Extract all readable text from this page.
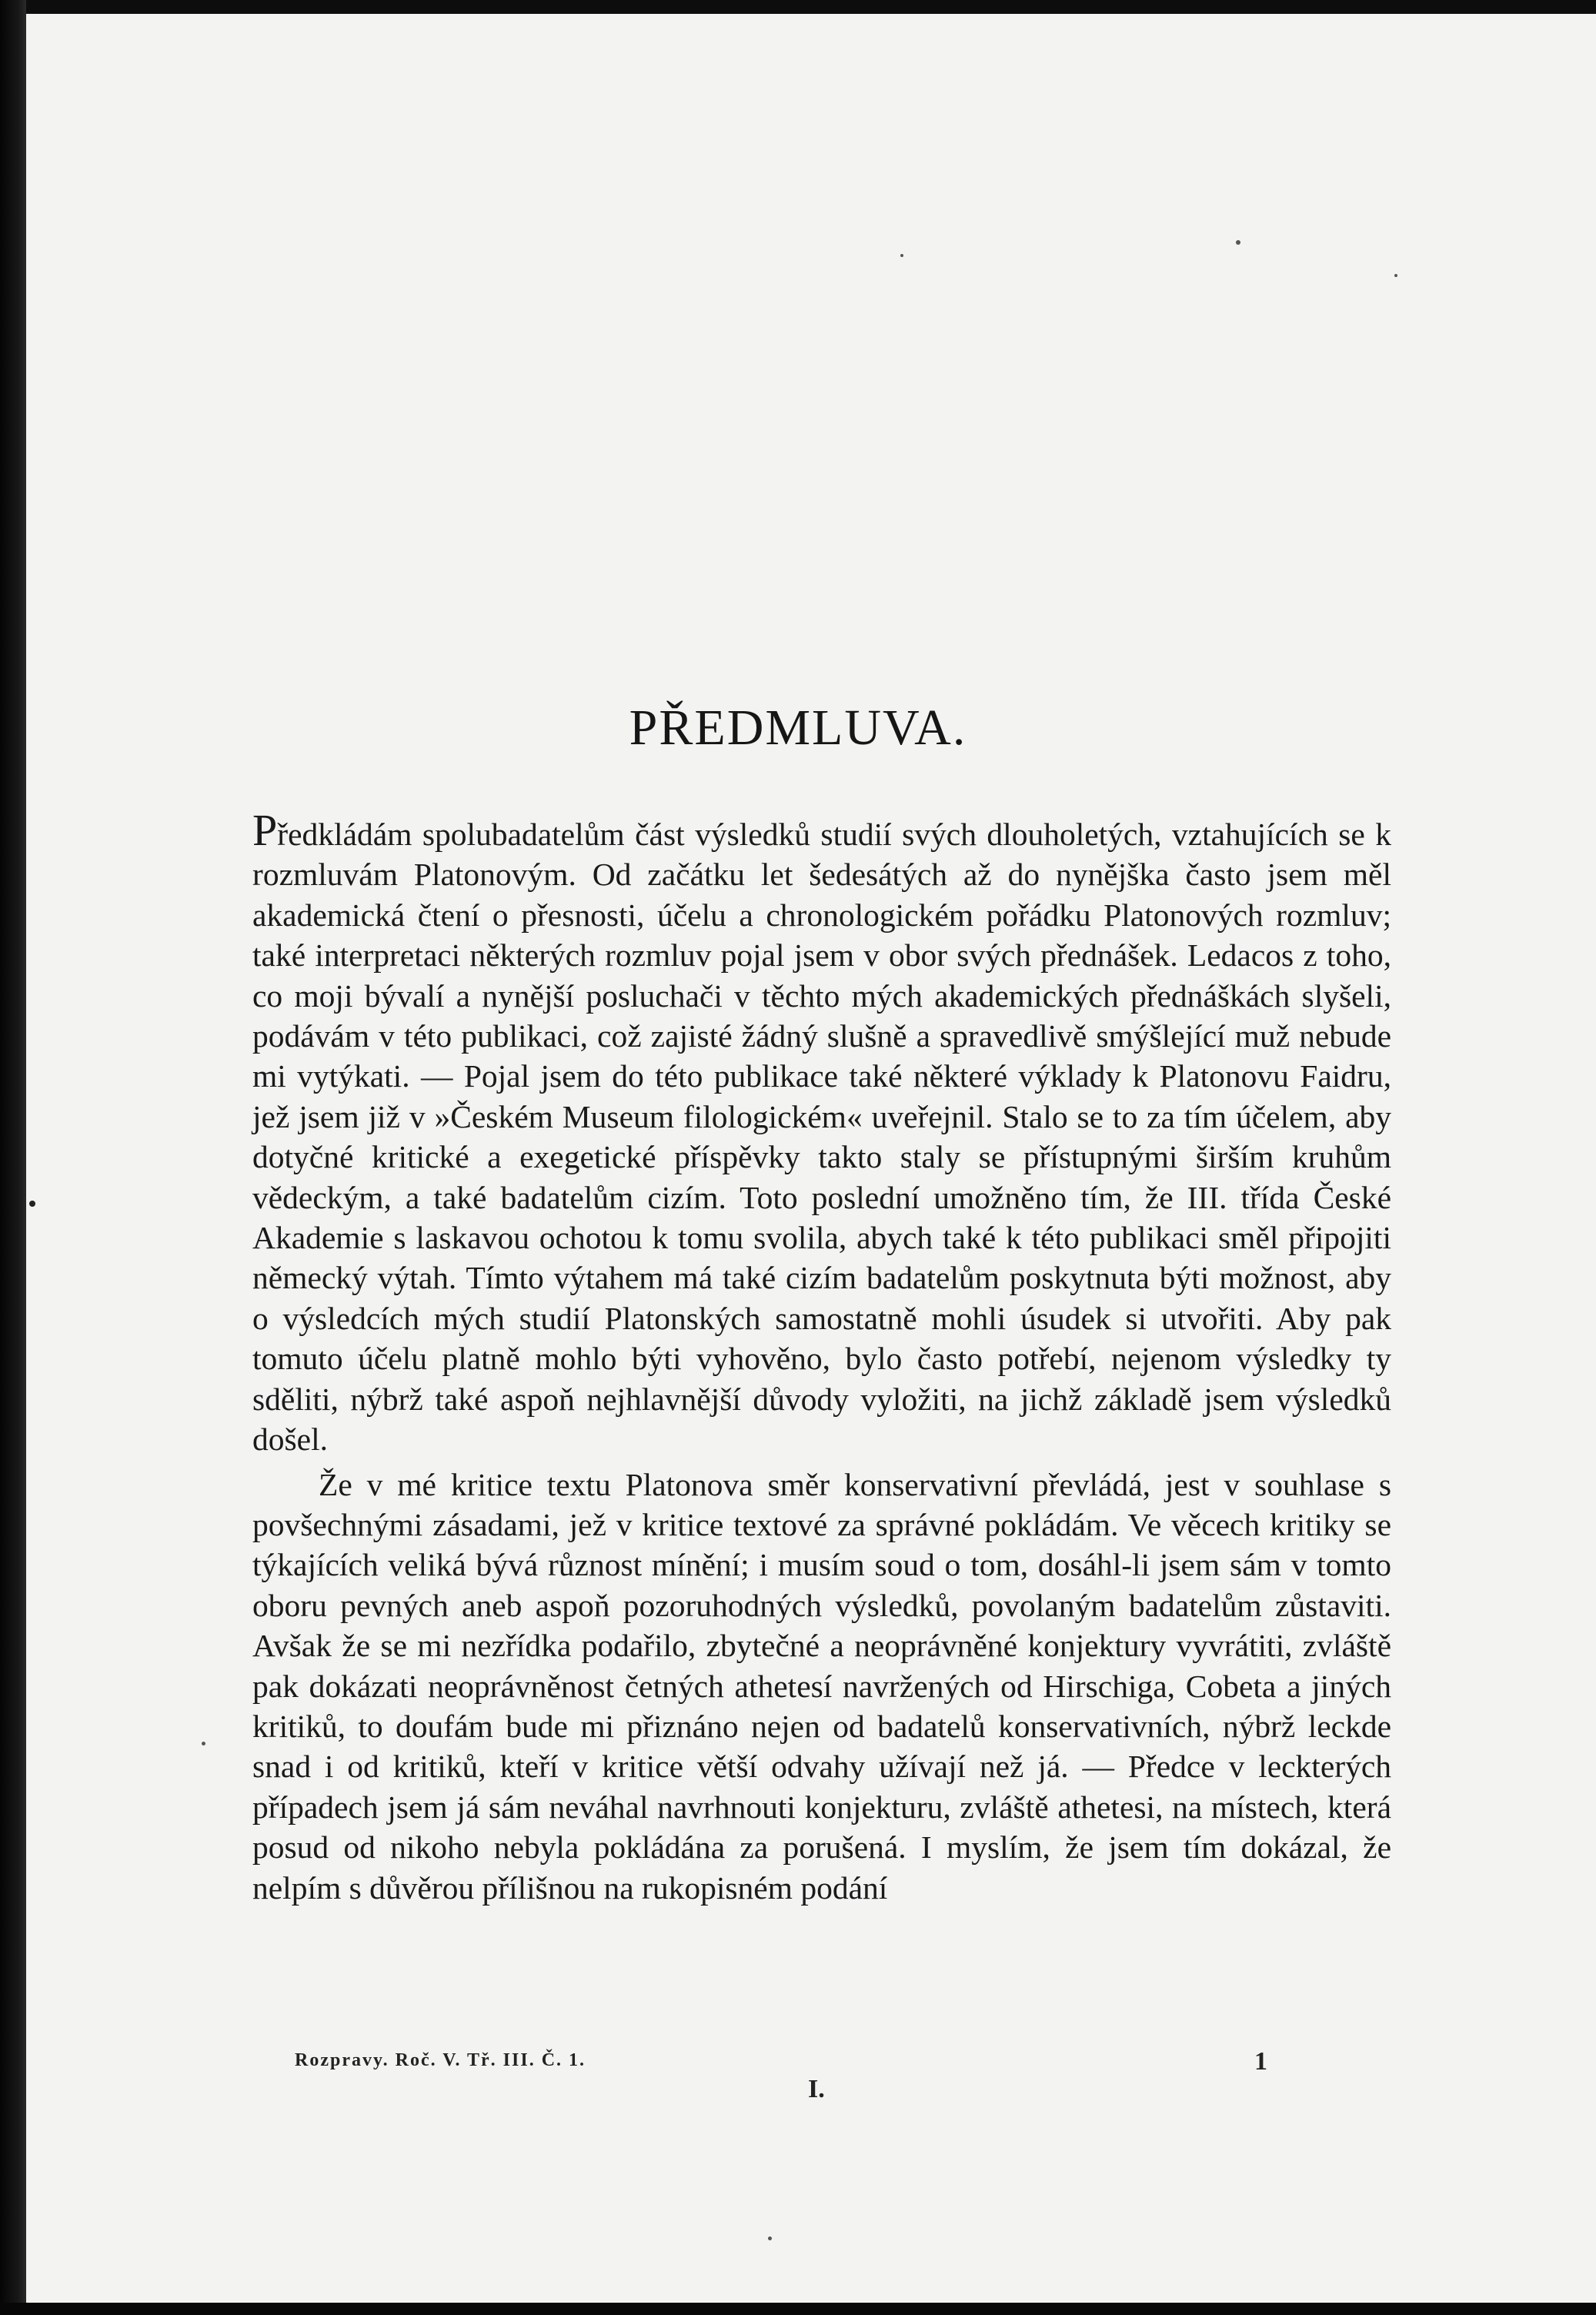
PŘEDMLUVA.

Předkládám spolubadatelům část výsledků studií svých dlouholetých, vztahujících se k rozmluvám Platonovým. Od začátku let šedesátých až do nynějška často jsem měl akademická čtení o přesnosti, účelu a chronologickém pořádku Platonových rozmluv; také interpretaci některých rozmluv pojal jsem v obor svých přednášek. Ledacos z toho, co moji bývalí a nynější posluchači v těchto mých akademických přednáškách slyšeli, podávám v této publikaci, což zajisté žádný slušně a spravedlivě smýšlející muž nebude mi vytýkati. — Pojal jsem do této publikace také některé výklady k Platonovu Faidru, jež jsem již v »Českém Museum filologickém« uveřejnil. Stalo se to za tím účelem, aby dotyčné kritické a exegetické příspěvky takto staly se přístupnými širším kruhům vědeckým, a také badatelům cizím. Toto poslední umožněno tím, že III. třída České Akademie s laskavou ochotou k tomu svolila, abych také k této publikaci směl připojiti německý výtah. Tímto výtahem má také cizím badatelům poskytnuta býti možnost, aby o výsledcích mých studií Platonských samostatně mohli úsudek si utvořiti. Aby pak tomuto účelu platně mohlo býti vyhověno, bylo často potřebí, nejenom výsledky ty sděliti, nýbrž také aspoň nejhlavnější důvody vyložiti, na jichž základě jsem výsledků došel.

Že v mé kritice textu Platonova směr konservativní převládá, jest v souhlase s povšechnými zásadami, jež v kritice textové za správné pokládám. Ve věcech kritiky se týkajících veliká bývá různost mínění; i musím soud o tom, dosáhl-li jsem sám v tomto oboru pevných aneb aspoň pozoruhodných výsledků, povolaným badatelům zůstaviti. Avšak že se mi nezřídka podařilo, zbytečné a neoprávněné konjektury vyvrátiti, zvláště pak dokázati neoprávněnost četných athetesí navržených od Hirschiga, Cobeta a jiných kritiků, to doufám bude mi přiznáno nejen od badatelů konservativních, nýbrž leckde snad i od kritiků, kteří v kritice větší odvahy užívají než já. — Předce v leckterých případech jsem já sám neváhal navrhnouti konjekturu, zvláště athetesi, na místech, která posud od nikoho nebyla pokládána za porušená. I myslím, že jsem tím dokázal, že nelpím s důvěrou přílišnou na rukopisném podání

Rozpravy. Roč. V. Tř. III. Č. 1.	1
I.
